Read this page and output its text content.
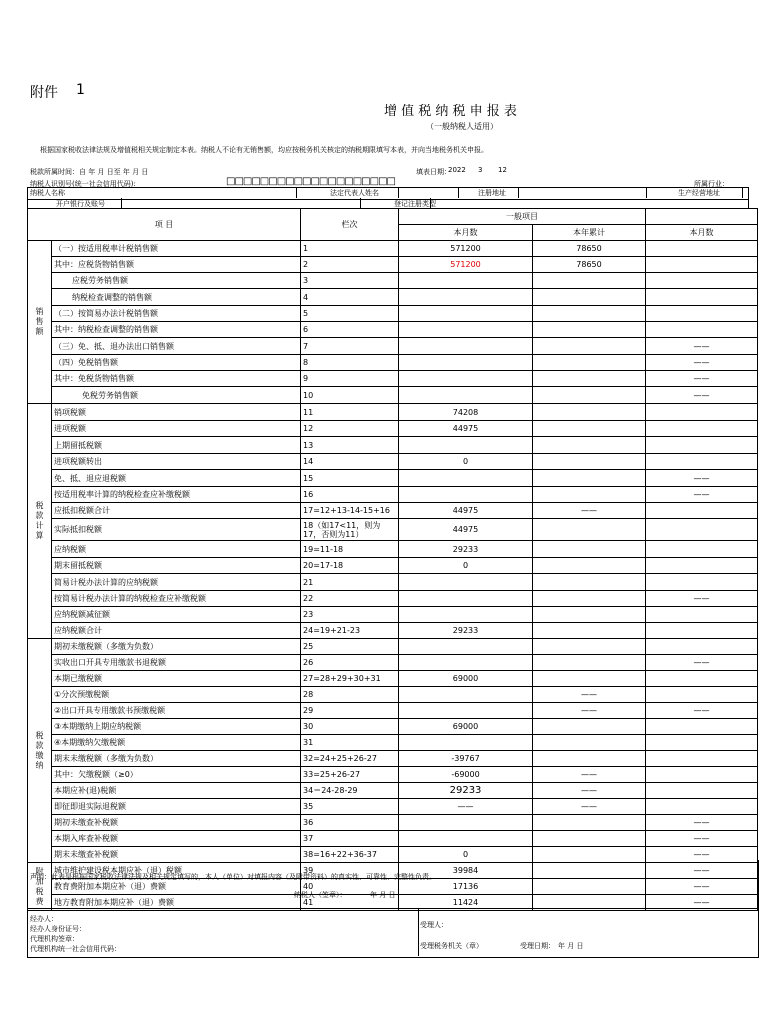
附件 1
增 值 税 纳 税 申 报 表
（一般纳税人适用）
根据国家税收法律法规及增值税相关规定制定本表。纳税人不论有无销售额，均应按税务机关核定的纳税期限填写本表，并向当地税务机关申报。
税款所属时间：自 年 月 日至 年 月 日	填表日期：
2022 3 12
纳税人识别号(统一社会信用代码):	□□□□□□□□□□□□□□□□□□□□	所属行业：
纳税人名称	法定代表人姓名	注册地址	生产经营地址
开户银行及账号	登记注册类型
项 目		栏次	一般项目		
			本月数	本年累计	本月数
销售额	（一）按适用税率计税销售额	1	571200	78650	
	其中：应税货物销售额	2	571200	78650	
	应税劳务销售额	3			
	纳税检查调整的销售额	4			
	（二）按简易办法计税销售额	5			
	其中：纳税检查调整的销售额	6			
	（三）免、抵、退办法出口销售额	7			——
	（四）免税销售额	8			——
	其中：免税货物销售额	9			——
	免税劳务销售额	10			——
税款计算	销项税额	11	74208		
	进项税额	12	44975		
	上期留抵税额	13			
	进项税额转出	14	0		
	免、抵、退应退税额	15			——
	按适用税率计算的纳税检查应补缴税额	16			——
	应抵扣税额合计	17=12+13-14-15+16	44975	——	
	实际抵扣税额	18（如17<11，则为17，否则为11）	44975		
	应纳税额	19=11-18	29233		
	期末留抵税额	20=17-18	0		
	简易计税办法计算的应纳税额	21			
	按简易计税办法计算的纳税检查应补缴税额	22			——
	应纳税额减征额	23			
	应纳税额合计	24=19+21-23	29233		
税款缴纳	期初未缴税额（多缴为负数）	25			
	实收出口开具专用缴款书退税额	26			——
	本期已缴税额	27=28+29+30+31	69000		
	①分次预缴税额	28		——	
	②出口开具专用缴款书预缴税额	29		——	——
	③本期缴纳上期应纳税额	30	69000		
	④本期缴纳欠缴税额	31			
	期末未缴税额（多缴为负数）	32=24+25+26-27	-39767		
	其中：欠缴税额（≥0）	33=25+26-27	-69000	——	
	本期应补(退)税额	34＝24-28-29	29233	——	
	即征即退实际退税额	35	——	——	
	期初未缴查补税额	36			——
	本期入库查补税额	37			——
	期末未缴查补税额	38=16+22+36-37	0		——
附加税费	城市维护建设税本期应补（退）税额	39	39984		——
	教育费附加本期应补（退）费额	40	17136		——
	地方教育附加本期应补（退）费额	41	11424		——
声明：此表是根据国家税收法律法规及相关规定填写的，本人（单位）对填报内容（及附带资料）的真实性、可靠性、完整性负责。
纳税人（签章）：	年 月 日
经办人：
经办人身份证号：
代理机构签章：
代理机构统一社会信用代码：
受理人：
受理税务机关（章）	受理日期： 年 月 日
